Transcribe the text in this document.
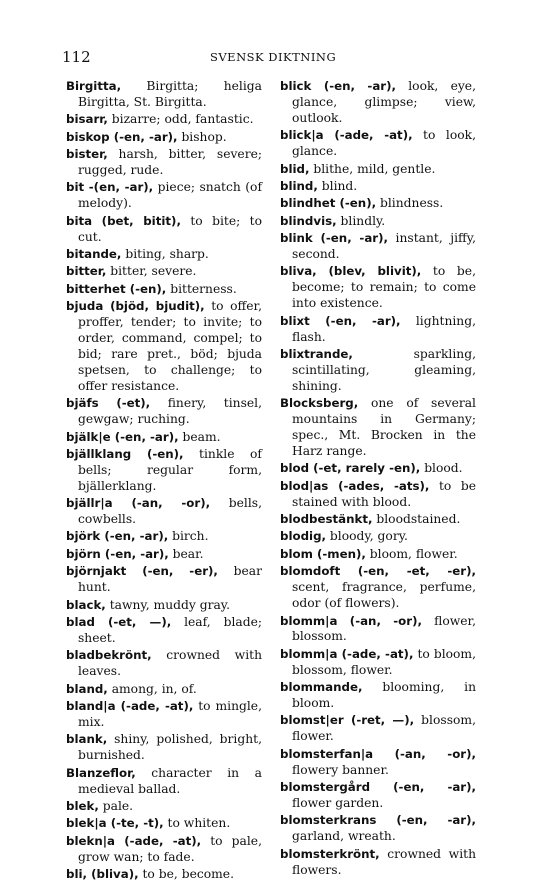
112	SVENSK DIKTNING

Birgitta, Birgitta; heliga Birgitta, St. Birgitta.

bisarr, bizarre; odd, fantastic.

biskop (-en, -ar), bishop.

bister, harsh, bitter, severe; rugged, rude.

bit -(en, -ar), piece; snatch (of melody).

bita (bet, bitit), to bite; to cut.

bitande, biting, sharp.

bitter, bitter, severe.

bitterhet (-en), bitterness.

bjuda (bjöd, bjudit), to offer, proffer, tender; to invite; to order, command, compel; to bid; rare pret., böd; bjuda spetsen, to challenge; to offer resistance.

bjäfs (-et), finery, tinsel, gewgaw; ruching.

bjälk|e (-en, -ar), beam.

bjällklang (-en), tinkle of bells; regular form, bjällerklang.

bjällr|a (-an, -or), bells, cowbells.

björk (-en, -ar), birch.

björn (-en, -ar), bear.

björnjakt (-en, -er), bear hunt.

black, tawny, muddy gray.

blad (-et, —), leaf, blade; sheet.

bladbekrönt, crowned with leaves.

bland, among, in, of.

bland|a (-ade, -at), to mingle, mix.

blank, shiny, polished, bright, burnished.

Blanzeflor, character in a medieval ballad.

blek, pale.

blek|a (-te, -t), to whiten.

blekn|a (-ade, -at), to pale, grow wan; to fade.

bli, (bliva), to be, become.

blick (-en, -ar), look, eye, glance, glimpse; view, outlook.

blick|a (-ade, -at), to look, glance.

blid, blithe, mild, gentle.

blind, blind.

blindhet (-en), blindness.

blindvis, blindly.

blink (-en, -ar), instant, jiffy, second.

bliva, (blev, blivit), to be, become; to remain; to come into existence.

blixt (-en, -ar), lightning, flash.

blixtrande, sparkling, scintillating, gleaming, shining.

Blocksberg, one of several mountains in Germany; spec., Mt. Brocken in the Harz range.

blod (-et, rarely -en), blood.

blod|as (-ades, -ats), to be stained with blood.

blodbestänkt, bloodstained.

blodig, bloody, gory.

blom (-men), bloom, flower.

blomdoft (-en, -et, -er), scent, fragrance, perfume, odor (of flowers).

blomm|a (-an, -or), flower, blossom.

blomm|a (-ade, -at), to bloom, blossom, flower.

blommande, blooming, in bloom.

blomst|er (-ret, —), blossom, flower.

blomsterfan|a (-an, -or), flowery banner.

blomstergård (-en, -ar), flower garden.

blomsterkrans (-en, -ar), garland, wreath.

blomsterkrönt, crowned with flowers.
